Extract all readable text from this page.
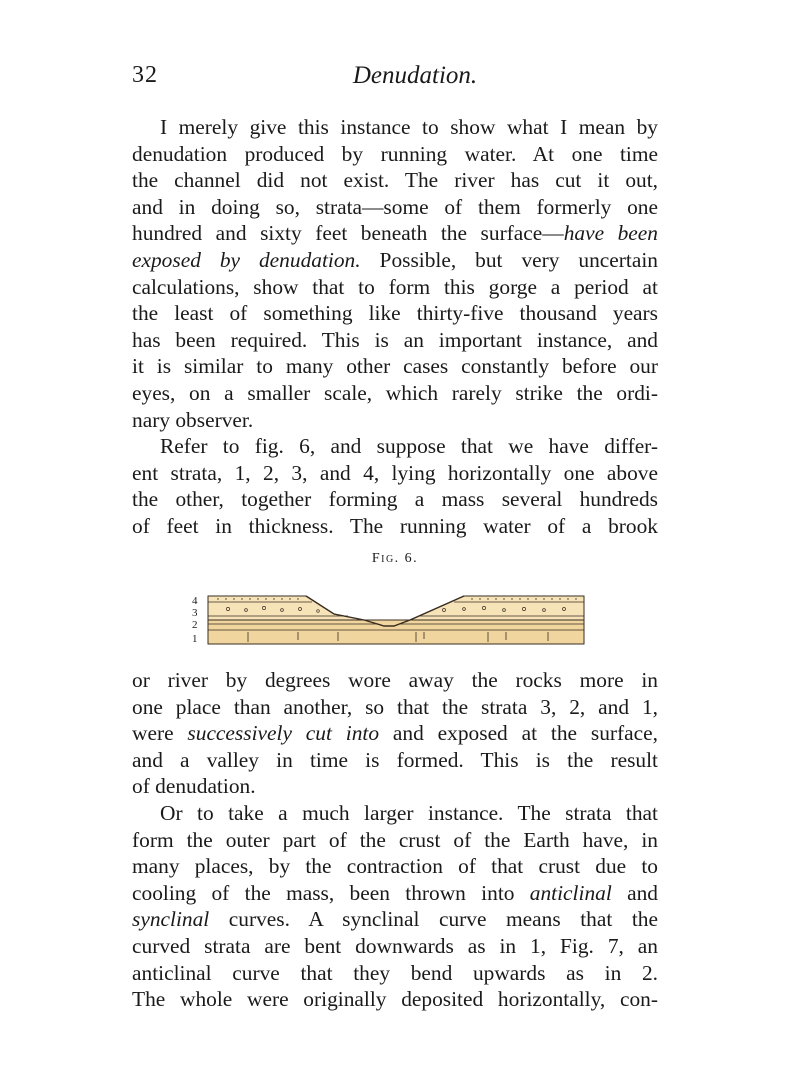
32	Denudation.
I merely give this instance to show what I mean by
denudation produced by running water. At one time
the channel did not exist. The river has cut it out,
and in doing so, strata—some of them formerly one
hundred and sixty feet beneath the surface—have been
exposed by denudation. Possible, but very uncertain
calculations, show that to form this gorge a period at
the least of something like thirty-five thousand years
has been required. This is an important instance, and
it is similar to many other cases constantly before our
eyes, on a smaller scale, which rarely strike the ordi-
nary observer.
Refer to fig. 6, and suppose that we have differ-
ent strata, 1, 2, 3, and 4, lying horizontally one above
the other, together forming a mass several hundreds
of feet in thickness. The running water of a brook
Fig. 6.
4
3
2
1
or river by degrees wore away the rocks more in
one place than another, so that the strata 3, 2, and 1,
were successively cut into and exposed at the surface,
and a valley in time is formed. This is the result
of denudation.
Or to take a much larger instance. The strata that
form the outer part of the crust of the Earth have, in
many places, by the contraction of that crust due to
cooling of the mass, been thrown into anticlinal and
synclinal curves. A synclinal curve means that the
curved strata are bent downwards as in 1, Fig. 7, an
anticlinal curve that they bend upwards as in 2.
The whole were originally deposited horizontally, con-
